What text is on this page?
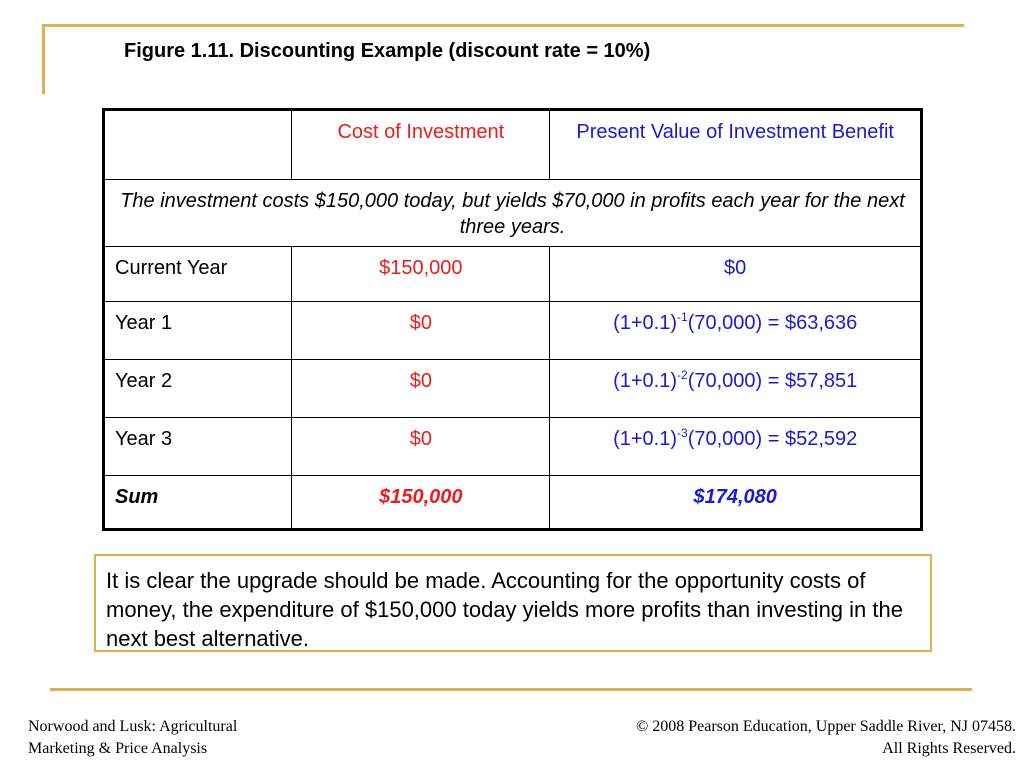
Figure 1.11. Discounting Example (discount rate = 10%)
	Cost of Investment	Present Value of Investment Benefit
The investment costs $150,000 today, but yields $70,000 in profits each year for the next three years.		
Current Year	$150,000	$0
Year 1	$0	$(1+0.1)^{-1}(70,000)$ = $63,636
Year 2	$0	$(1+0.1)^{-2}(70,000)$ = $57,851
Year 3	$0	$(1+0.1)^{-3}(70,000)$ = $52,592
Sum	$150,000	$174,080
It is clear the upgrade should be made. Accounting for the opportunity costs of money, the expenditure of $150,000 today yields more profits than investing in the next best alternative.
Norwood and Lusk: Agricultural
Marketing & Price Analysis
© 2008 Pearson Education, Upper Saddle River, NJ 07458.
All Rights Reserved.
